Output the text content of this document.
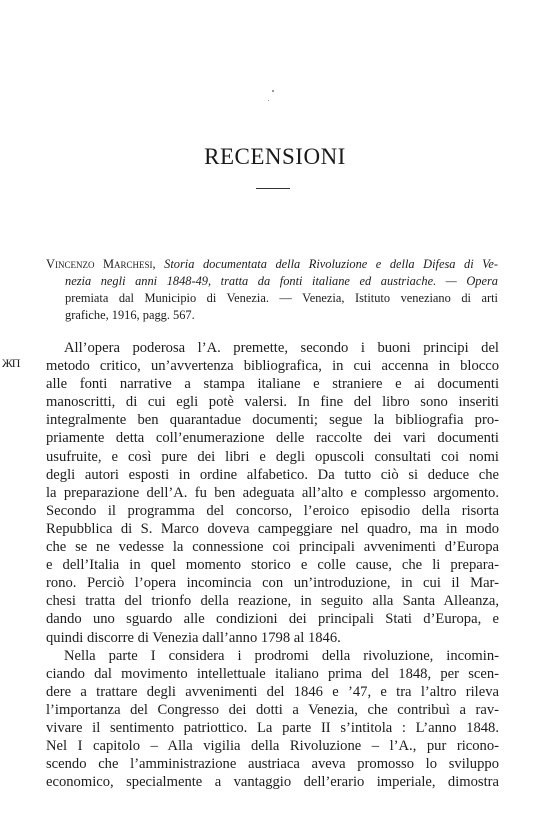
RECENSIONI
Vincenzo Marchesi, Storia documentata della Rivoluzione e della Difesa di Ve-
nezia negli anni 1848-49, tratta da fonti italiane ed austriache. — Opera
premiata dal Municipio di Venezia. — Venezia, Istituto veneziano di arti
grafiche, 1916, pagg. 567.
ЖП
All’opera poderosa l’A. premette, secondo i buoni principi del
metodo critico, un’avvertenza bibliografica, in cui accenna in blocco
alle fonti narrative a stampa italiane e straniere e ai documenti
manoscritti, di cui egli potè valersi. In fine del libro sono inseriti
integralmente ben quarantadue documenti; segue la bibliografia pro-
priamente detta coll’enumerazione delle raccolte dei vari documenti
usufruite, e così pure dei libri e degli opuscoli consultati coi nomi
degli autori esposti in ordine alfabetico. Da tutto ciò si deduce che
la preparazione dell’A. fu ben adeguata all’alto e complesso argomento.
Secondo il programma del concorso, l’eroico episodio della risorta
Repubblica di S. Marco doveva campeggiare nel quadro, ma in modo
che se ne vedesse la connessione coi principali avvenimenti d’Europa
e dell’Italia in quel momento storico e colle cause, che li prepara-
rono. Perciò l’opera incomincia con un’introduzione, in cui il Mar-
chesi tratta del trionfo della reazione, in seguito alla Santa Alleanza,
dando uno sguardo alle condizioni dei principali Stati d’Europa, e
quindi discorre di Venezia dall’anno 1798 al 1846.
Nella parte I considera i prodromi della rivoluzione, incomin-
ciando dal movimento intellettuale italiano prima del 1848, per scen-
dere a trattare degli avvenimenti del 1846 e ’47, e tra l’altro rileva
l’importanza del Congresso dei dotti a Venezia, che contribuì a rav-
vivare il sentimento patriottico. La parte II s’intitola : L’anno 1848.
Nel I capitolo – Alla vigilia della Rivoluzione – l’A., pur ricono-
scendo che l’amministrazione austriaca aveva promosso lo sviluppo
economico, specialmente a vantaggio dell’erario imperiale, dimostra
